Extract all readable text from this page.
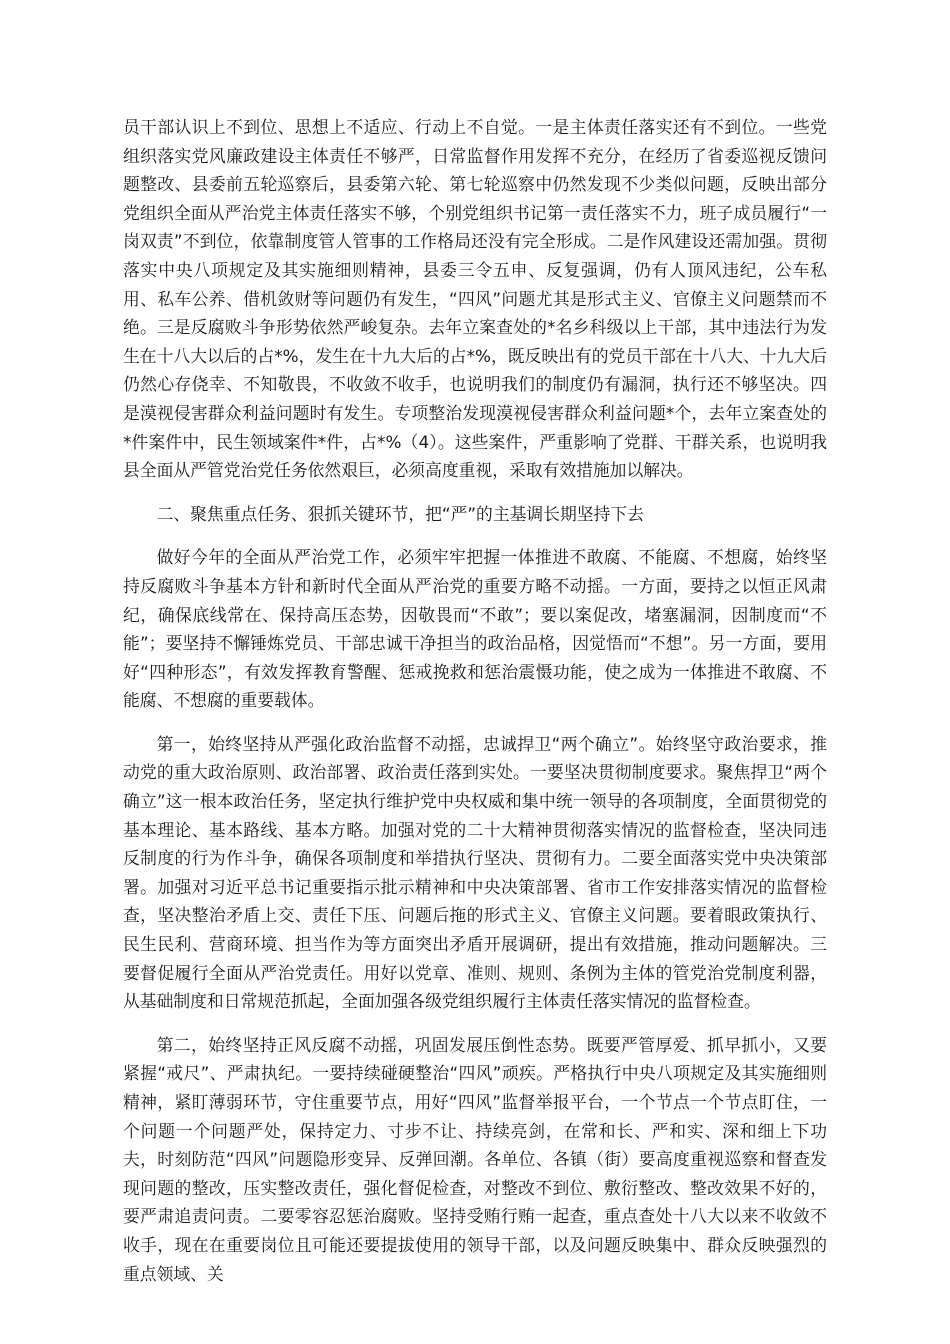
员干部认识上不到位、思想上不适应、行动上不自觉。一是主体责任落实还有不到位。一些党组织落实党风廉政建设主体责任不够严，日常监督作用发挥不充分，在经历了省委巡视反馈问题整改、县委前五轮巡察后，县委第六轮、第七轮巡察中仍然发现不少类似问题，反映出部分党组织全面从严治党主体责任落实不够，个别党组织书记第一责任落实不力，班子成员履行“一岗双责”不到位，依靠制度管人管事的工作格局还没有完全形成。二是作风建设还需加强。贯彻落实中央八项规定及其实施细则精神，县委三令五申、反复强调，仍有人顶风违纪，公车私用、私车公养、借机敛财等问题仍有发生，“四风”问题尤其是形式主义、官僚主义问题禁而不绝。三是反腐败斗争形势依然严峻复杂。去年立案查处的*名乡科级以上干部，其中违法行为发生在十八大以后的占*%，发生在十九大后的占*%，既反映出有的党员干部在十八大、十九大后仍然心存侥幸、不知敬畏，不收敛不收手，也说明我们的制度仍有漏洞，执行还不够坚决。四是漠视侵害群众利益问题时有发生。专项整治发现漠视侵害群众利益问题*个，去年立案查处的*件案件中，民生领域案件*件，占*%（4）。这些案件，严重影响了党群、干群关系，也说明我县全面从严管党治党任务依然艰巨，必须高度重视，采取有效措施加以解决。

二、聚焦重点任务、狠抓关键环节，把“严”的主基调长期坚持下去

做好今年的全面从严治党工作，必须牢牢把握一体推进不敢腐、不能腐、不想腐，始终坚持反腐败斗争基本方针和新时代全面从严治党的重要方略不动摇。一方面，要持之以恒正风肃纪，确保底线常在、保持高压态势，因敬畏而“不敢”；要以案促改，堵塞漏洞，因制度而“不能”；要坚持不懈锤炼党员、干部忠诚干净担当的政治品格，因觉悟而“不想”。另一方面，要用好“四种形态”，有效发挥教育警醒、惩戒挽救和惩治震慑功能，使之成为一体推进不敢腐、不能腐、不想腐的重要载体。

第一，始终坚持从严强化政治监督不动摇，忠诚捍卫“两个确立”。始终坚守政治要求，推动党的重大政治原则、政治部署、政治责任落到实处。一要坚决贯彻制度要求。聚焦捍卫“两个确立”这一根本政治任务，坚定执行维护党中央权威和集中统一领导的各项制度，全面贯彻党的基本理论、基本路线、基本方略。加强对党的二十大精神贯彻落实情况的监督检查，坚决同违反制度的行为作斗争，确保各项制度和举措执行坚决、贯彻有力。二要全面落实党中央决策部署。加强对习近平总书记重要指示批示精神和中央决策部署、省市工作安排落实情况的监督检查，坚决整治矛盾上交、责任下压、问题后拖的形式主义、官僚主义问题。要着眼政策执行、民生民利、营商环境、担当作为等方面突出矛盾开展调研，提出有效措施，推动问题解决。三要督促履行全面从严治党责任。用好以党章、准则、规则、条例为主体的管党治党制度利器，从基础制度和日常规范抓起，全面加强各级党组织履行主体责任落实情况的监督检查。

第二，始终坚持正风反腐不动摇，巩固发展压倒性态势。既要严管厚爱、抓早抓小，又要紧握“戒尺”、严肃执纪。一要持续碰硬整治“四风”顽疾。严格执行中央八项规定及其实施细则精神，紧盯薄弱环节，守住重要节点，用好“四风”监督举报平台，一个节点一个节点盯住，一个问题一个问题严处，保持定力、寸步不让、持续亮剑，在常和长、严和实、深和细上下功夫，时刻防范“四风”问题隐形变异、反弹回潮。各单位、各镇（街）要高度重视巡察和督查发现问题的整改，压实整改责任，强化督促检查，对整改不到位、敷衍整改、整改效果不好的，要严肃追责问责。二要零容忍惩治腐败。坚持受贿行贿一起查，重点查处十八大以来不收敛不收手，现在在重要岗位且可能还要提拔使用的领导干部，以及问题反映集中、群众反映强烈的重点领域、关
